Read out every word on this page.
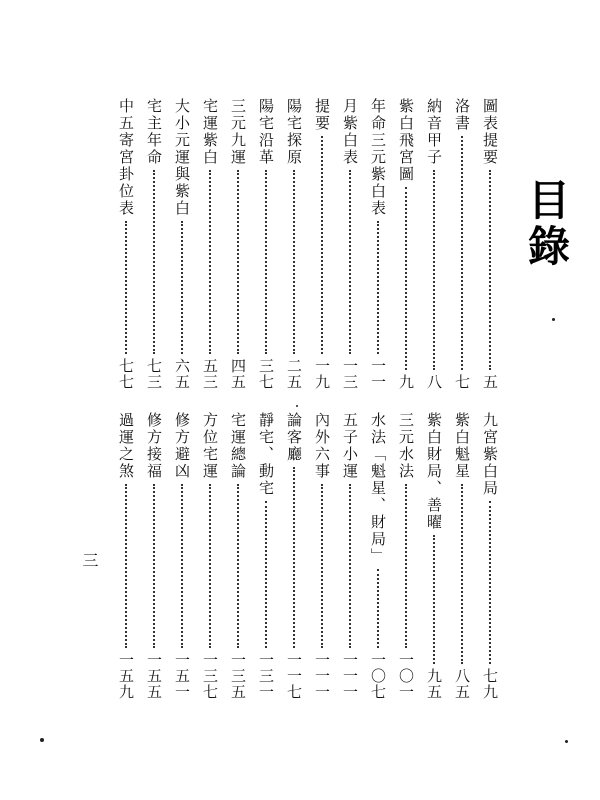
目錄
圖表提要
五
洛書
七
納音甲子
八
紫白飛宮圖
九
年命三元紫白表
一一
月紫白表
一三
提要
一九
陽宅探原
二五
陽宅沿革
三七
三元九運
四五
宅運紫白
五三
大小元運與紫白
六五
宅主年命
七三
中五寄宮卦位表
七七
九宮紫白局
七九
紫白魁星
八五
紫白財局、善曜
九五
三元水法
一〇一
水法「魁星、財局」
一〇七
五子小運
一一一
內外六事
一一一
論客廳
一一七
靜宅、動宅
一三一
宅運總論
一三五
方位宅運
一三七
修方避凶
一五一
修方接福
一五五
過運之煞
一五九
三
